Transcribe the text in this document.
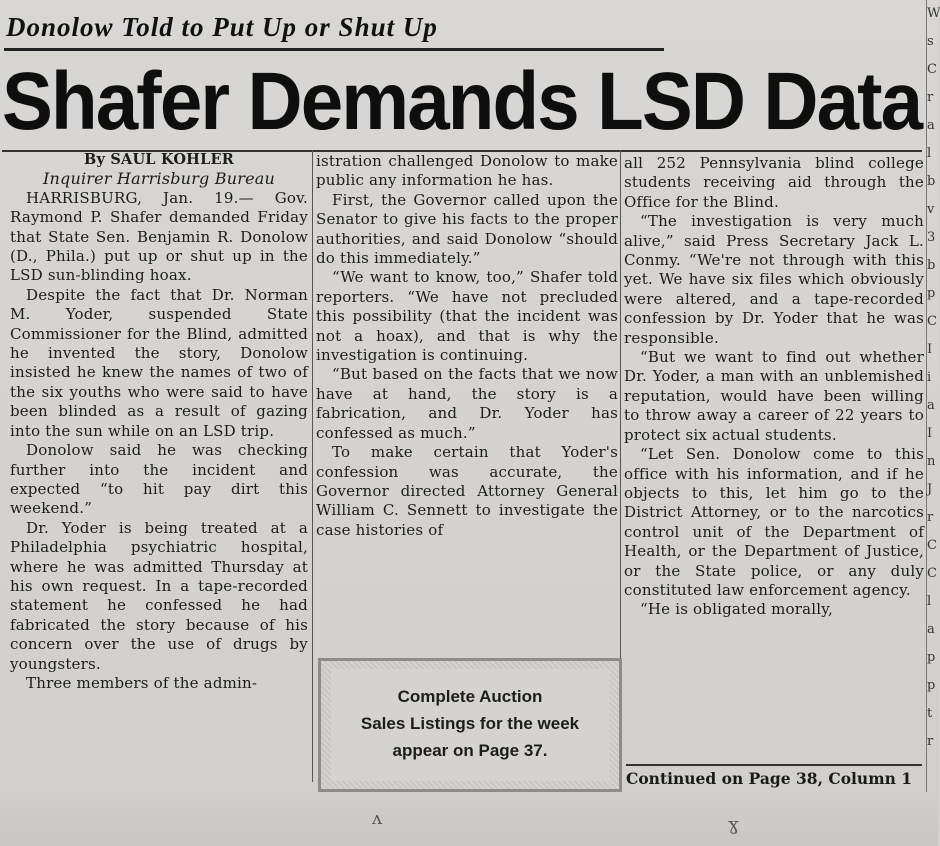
Donolow Told to Put Up or Shut Up
Shafer Demands LSD Data

By SAUL KOHLER

Inquirer Harrisburg Bureau

HARRISBURG, Jan. 19.— Gov. Raymond P. Shafer demanded Friday that State Sen. Benjamin R. Donolow (D., Phila.) put up or shut up in the LSD sun-blinding hoax.

Despite the fact that Dr. Norman M. Yoder, suspended State Commissioner for the Blind, admitted he invented the story, Donolow insisted he knew the names of two of the six youths who were said to have been blinded as a result of gazing into the sun while on an LSD trip.

Donolow said he was checking further into the incident and expected “to hit pay dirt this weekend.”

Dr. Yoder is being treated at a Philadelphia psychiatric hospital, where he was admitted Thursday at his own request. In a tape-recorded statement he confessed he had fabricated the story because of his concern over the use of drugs by youngsters.

Three members of the admin-

istration challenged Donolow to make public any information he has.

First, the Governor called upon the Senator to give his facts to the proper authorities, and said Donolow “should do this immediately.”

“We want to know, too,” Shafer told reporters. “We have not precluded this possibility (that the incident was not a hoax), and that is why the investigation is continuing.

“But based on the facts that we now have at hand, the story is a fabrication, and Dr. Yoder has confessed as much.”

To make certain that Yoder's confession was accurate, the Governor directed Attorney General William C. Sennett to investigate the case histories of

Complete Auction
Sales Listings for the week
appear on Page 37.

all 252 Pennsylvania blind college students receiving aid through the Office for the Blind.

“The investigation is very much alive,” said Press Secretary Jack L. Conmy. “We're not through with this yet. We have six files which obviously were altered, and a tape-recorded confession by Dr. Yoder that he was responsible.

“But we want to find out whether Dr. Yoder, a man with an unblemished reputation, would have been willing to throw away a career of 22 years to protect six actual students.

“Let Sen. Donolow come to this office with his information, and if he objects to this, let him go to the District Attorney, or to the narcotics control unit of the Department of Health, or the Department of Justice, or the State police, or any duly constituted law enforcement agency.

“He is obligated morally,

Continued on Page 38, Column 1
W
s
C
r
a
l
b
v
3
b
p
C
I
i
a
I
n
J
r
C
C
l
a
p
p
t
r
ʌ	ɣ
